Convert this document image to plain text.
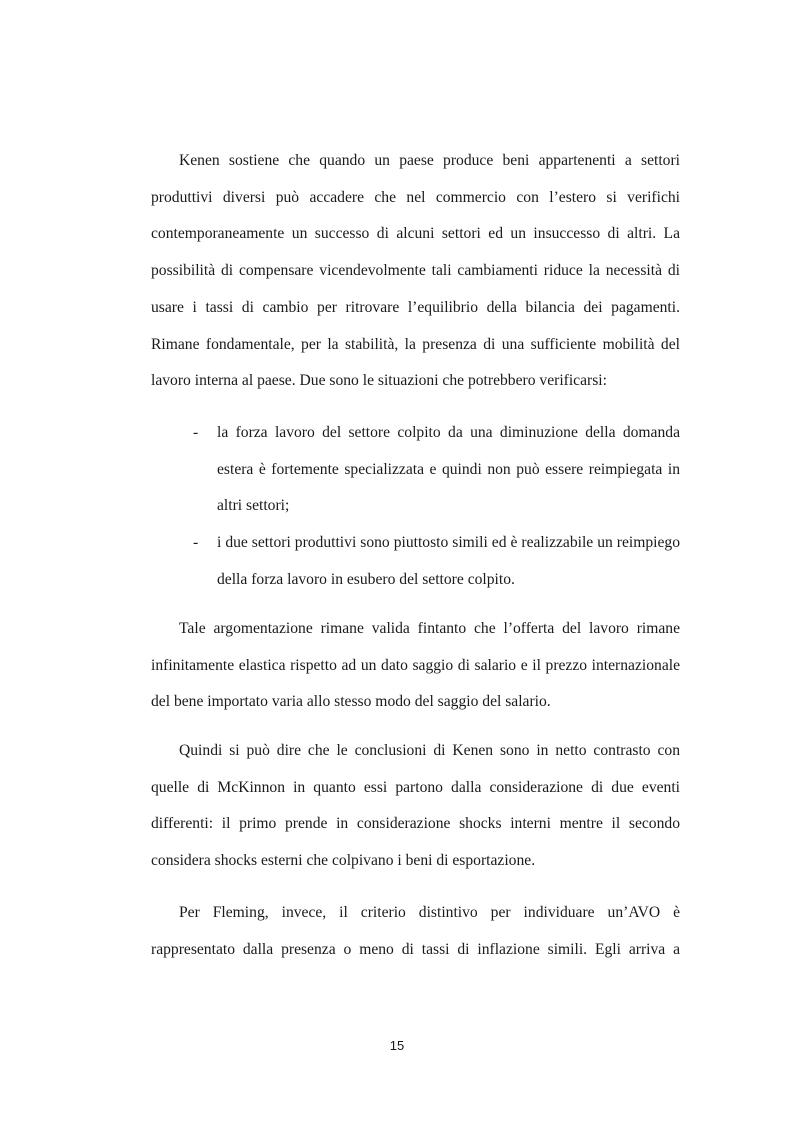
Kenen sostiene che quando un paese produce beni appartenenti a settori produttivi diversi può accadere che nel commercio con l’estero si verifichi contemporaneamente un successo di alcuni settori ed un insuccesso di altri. La possibilità di compensare vicendevolmente tali cambiamenti riduce la necessità di usare i tassi di cambio per ritrovare l’equilibrio della bilancia dei pagamenti. Rimane fondamentale, per la stabilità, la presenza di una sufficiente mobilità del lavoro interna al paese. Due sono le situazioni che potrebbero verificarsi:

- la forza lavoro del settore colpito da una diminuzione della domanda estera è fortemente specializzata e quindi non può essere reimpiegata in altri settori;
- i due settori produttivi sono piuttosto simili ed è realizzabile un reimpiego della forza lavoro in esubero del settore colpito.

Tale argomentazione rimane valida fintanto che l’offerta del lavoro rimane infinitamente elastica rispetto ad un dato saggio di salario e il prezzo internazionale del bene importato varia allo stesso modo del saggio del salario.

Quindi si può dire che le conclusioni di Kenen sono in netto contrasto con quelle di McKinnon in quanto essi partono dalla considerazione di due eventi differenti: il primo prende in considerazione shocks interni mentre il secondo considera shocks esterni che colpivano i beni di esportazione.

Per Fleming, invece, il criterio distintivo per individuare un’AVO è rappresentato dalla presenza o meno di tassi di inflazione simili. Egli arriva a

15
